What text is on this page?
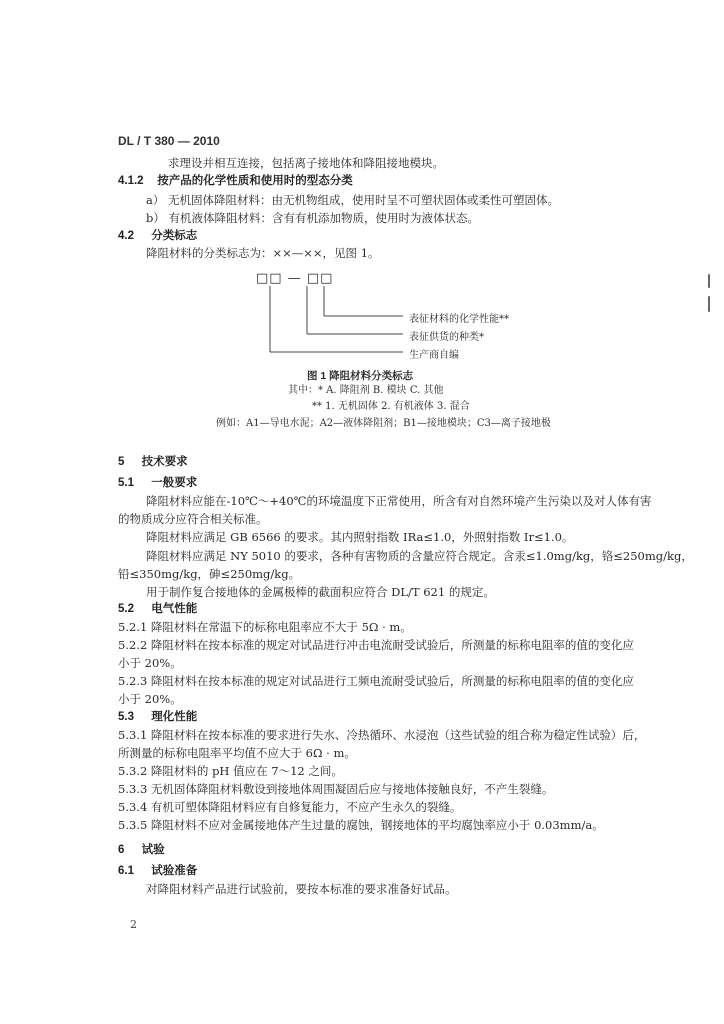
DL / T 380 — 2010
求理设并相互连接，包括离子接地体和降阻接地模块。
4.1.2 按产品的化学性质和使用时的型态分类
a） 无机固体降阻材料：由无机物组成，使用时呈不可塑状固体或柔性可塑固体。
b） 有机液体降阻材料：含有有机添加物质，使用时为液体状态。
4.2 分类标志
降阻材料的分类标志为：××—××，见图 1。
□□ — □□
表征材料的化学性能**
表征供货的种类*
生产商自编
图 1 降阻材料分类标志
其中：* A. 降阻剂 B. 模块 C. 其他
** 1. 无机固体 2. 有机液体 3. 混合
例如：A1—导电水泥；A2—液体降阻剂；B1—接地模块；C3—离子接地极
5 技术要求
5.1 一般要求
降阻材料应能在-10℃～+40℃的环境温度下正常使用，所含有对自然环境产生污染以及对人体有害
的物质成分应符合相关标准。
降阻材料应满足 GB 6566 的要求。其内照射指数 IRa≤1.0，外照射指数 Ir≤1.0。
降阻材料应满足 NY 5010 的要求，各种有害物质的含量应符合规定。含汞≤1.0mg/kg，铬≤250mg/kg，
铅≤350mg/kg，砷≤250mg/kg。
用于制作复合接地体的金属极棒的截面积应符合 DL/T 621 的规定。
5.2 电气性能
5.2.1 降阻材料在常温下的标称电阻率应不大于 5Ω · m。
5.2.2 降阻材料在按本标准的规定对试品进行冲击电流耐受试验后，所测量的标称电阻率的值的变化应
小于 20%。
5.2.3 降阻材料在按本标准的规定对试品进行工频电流耐受试验后，所测量的标称电阻率的值的变化应
小于 20%。
5.3 理化性能
5.3.1 降阻材料在按本标准的要求进行失水、冷热循环、水浸泡（这些试验的组合称为稳定性试验）后，
所测量的标称电阻率平均值不应大于 6Ω · m。
5.3.2 降阻材料的 pH 值应在 7～12 之间。
5.3.3 无机固体降阻材料敷设到接地体周围凝固后应与接地体接触良好，不产生裂缝。
5.3.4 有机可塑体降阻材料应有自修复能力，不应产生永久的裂缝。
5.3.5 降阻材料不应对金属接地体产生过量的腐蚀，钢接地体的平均腐蚀率应小于 0.03mm/a。
6 试验
6.1 试验准备
对降阻材料产品进行试验前，要按本标准的要求准备好试品。
2
